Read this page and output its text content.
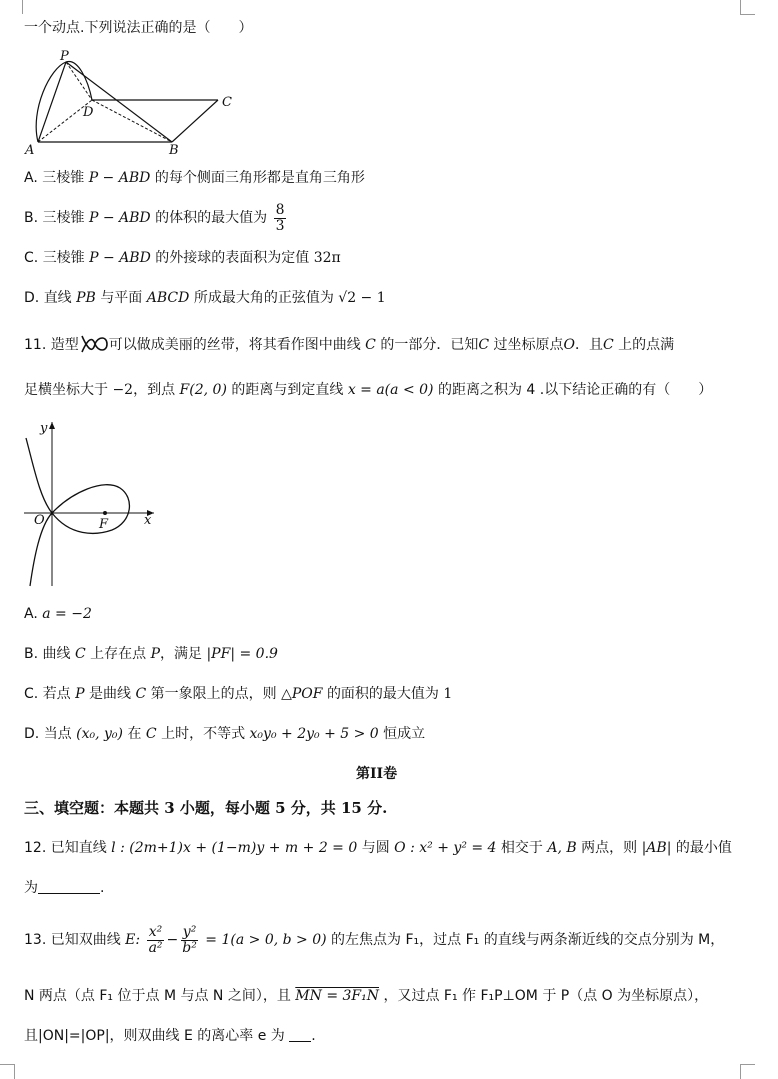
一个动点.下列说法正确的是（　　）
P
D
C
A	B
A. 三棱锥 P − ABD 的每个侧面三角形都是直角三角形
B. 三棱锥 P − ABD 的体积的最大值为 $\frac{8}{3}$
C. 三棱锥 P − ABD 的外接球的表面积为定值 32π
D. 直线 PB 与平面 ABCD 所成最大角的正弦值为 √2 − 1
11. 造型 可以做成美丽的丝带，将其看作图中曲线 C 的一部分．已知C 过坐标原点O．且C 上的点满
足横坐标大于 −2，到点 F(2, 0) 的距离与到定直线 x = a(a < 0) 的距离之积为 4 .以下结论正确的有（　　）
y
O	F	x
A. a = −2
B. 曲线 C 上存在点 P，满足 |PF| = 0.9
C. 若点 P 是曲线 C 第一象限上的点，则 △POF 的面积的最大值为 1
D. 当点 (x₀, y₀) 在 C 上时，不等式 x₀y₀ + 2y₀ + 5 > 0 恒成立
第II卷
三、填空题：本题共 3 小题，每小题 5 分，共 15 分.
12. 已知直线 l : (2m+1)x + (1−m)y + m + 2 = 0 与圆 O : x² + y² = 4 相交于 A, B 两点，则 |AB| 的最小值
为	.
13. 已知双曲线 E: $\frac{\text{x²}}{\text{a²}} - \frac{\text{y²}}{\text{b²}} = 1(a > 0$, b > 0) 的左焦点为 F₁，过点 F₁ 的直线与两条渐近线的交点分别为 M，
N 两点（点 F₁ 位于点 M 与点 N 之间），且 MN = 3F₁N ，又过点 F₁ 作 F₁P⊥OM 于 P（点 O 为坐标原点），
且|ON|=|OP|，则双曲线 E 的离心率 e 为 .
